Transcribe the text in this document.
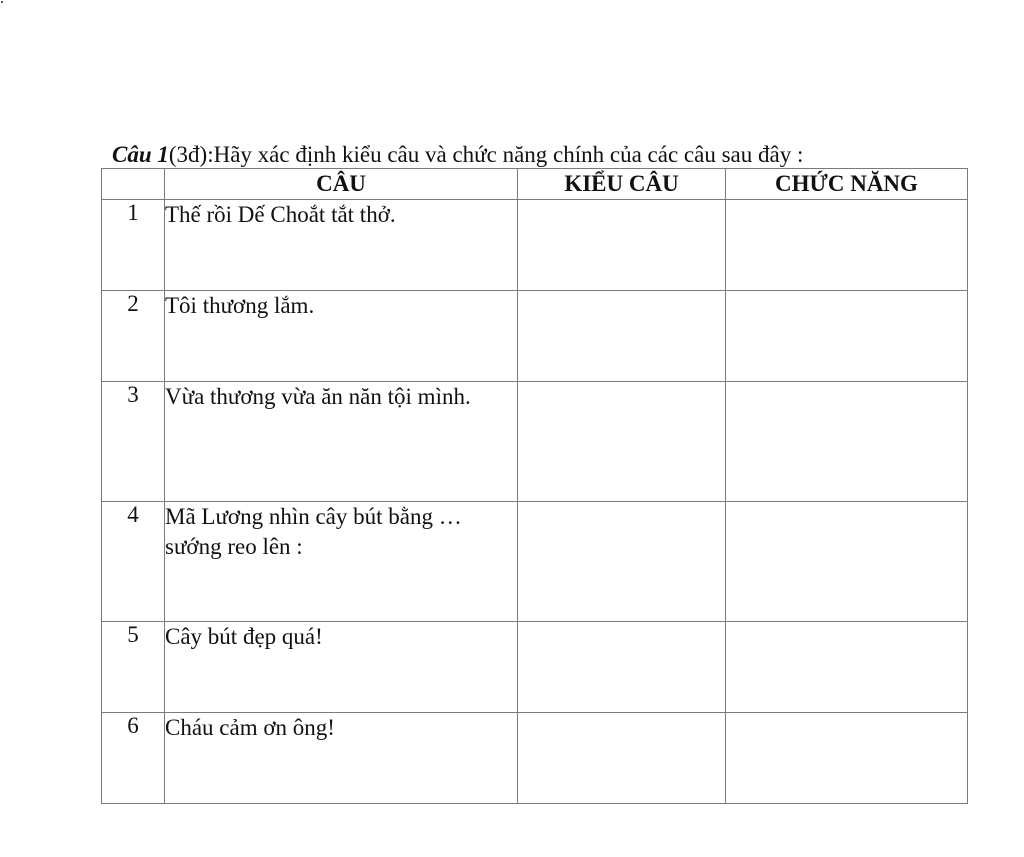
Câu 1(3đ):Hãy xác định kiểu câu và chức năng chính của các câu sau đây :
	CÂU	KIỂU CÂU	CHỨC NĂNG
1	Thế rồi Dế Choắt tắt thở.		
2	Tôi thương lắm.		
3	Vừa thương vừa ăn năn tội mình.		
4	Mã Lương nhìn cây bút bằng … sướng reo lên :		
5	Cây bút đẹp quá!		
6	Cháu cảm ơn ông!		
